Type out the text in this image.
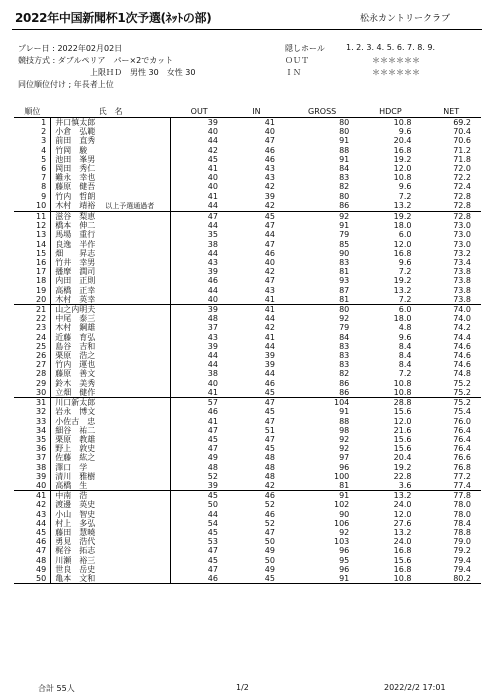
2022年中国新聞杯1次予選(ﾈｯﾄの部)	松永カントリークラブ
プレー日 : 2022年02月02日
競技方式 : ダブルペリア　パー×2でカット
上限ＨＤ　男性 30　女性 30
同位順位付け ; 年長者上位
隠しホール	1. 2. 3. 4. 5. 6. 7. 8. 9.
ＯＵＴ	＊＊＊＊＊＊
ＩＮ	＊＊＊＊＊＊
順位	氏　名	OUT	IN	GROSS	HDCP	NET
1	井口慎太郎	39	41	80	10.8	69.2
2	小倉　弘範	40	40	80	9.6	70.4
3	前田　直秀	44	47	91	20.4	70.6
4	竹岡　駿	42	46	88	16.8	71.2
5	池田　峯男	45	46	91	19.2	71.8
6	岡田　秀仁	41	43	84	12.0	72.0
7	難永　幸也	40	43	83	10.8	72.2
8	藤原　健吾	40	42	82	9.6	72.4
9	竹内　哲朗	41	39	80	7.2	72.8
10	木村　靖裕 以上予選通過者	44	42	86	13.2	72.8
11	滋谷　梨恵	47	45	92	19.2	72.8
12	橋本　伸二	44	47	91	18.0	73.0
13	馬場　重行	35	44	79	6.0	73.0
14	良逸　半作	38	47	85	12.0	73.0
15	畑　　昇志	44	46	90	16.8	73.2
16	竹井　幸男	43	40	83	9.6	73.4
17	播摩　潤司	39	42	81	7.2	73.8
18	内田　正則	46	47	93	19.2	73.8
19	高橋　正幸	44	43	87	13.2	73.8
20	木村　英幸	40	41	81	7.2	73.8
21	山之内明夫	39	41	80	6.0	74.0
22	中尾　泰三	48	44	92	18.0	74.0
23	木村　鋼雄	37	42	79	4.8	74.2
24	近藤　育弘	43	41	84	9.6	74.4
25	島谷　吉和	39	44	83	8.4	74.6
26	栗原　浩之	44	39	83	8.4	74.6
27	竹内　運也	44	39	83	8.4	74.6
28	藤原　善文	38	44	82	7.2	74.8
29	鈴木　美秀	40	46	86	10.8	75.2
30	立畑　健作	41	45	86	10.8	75.2
31	川口新太郎	57	47	104	28.8	75.2
32	岩永　博文	46	45	91	15.6	75.4
33	小佐古　忠	41	47	88	12.0	76.0
34	細谷　祐二	47	51	98	21.6	76.4
35	栗原　教雄	45	47	92	15.6	76.4
36	野上　敦史	47	45	92	15.6	76.4
37	佐藤　紘之	49	48	97	20.4	76.6
38	澤口　学	48	48	96	19.2	76.8
39	清川　雅樹	52	48	100	22.8	77.2
40	高橋　生	39	42	81	3.6	77.4
41	中南　浩	45	46	91	13.2	77.8
42	渡邊　英史	50	52	102	24.0	78.0
43	小山　智史	44	46	90	12.0	78.0
44	村上　多弘	54	52	106	27.6	78.4
45	藤田　慧曉	45	47	92	13.2	78.8
46	勇見　浩代	53	50	103	24.0	79.0
47	梶谷　拓志	47	49	96	16.8	79.2
48	川瀬　裕三	45	50	95	15.6	79.4
49	世良　岳史	47	49	96	16.8	79.4
50	亀本　文和	46	45	91	10.8	80.2
合計 55人	1/2	2022/2/2 17:01
